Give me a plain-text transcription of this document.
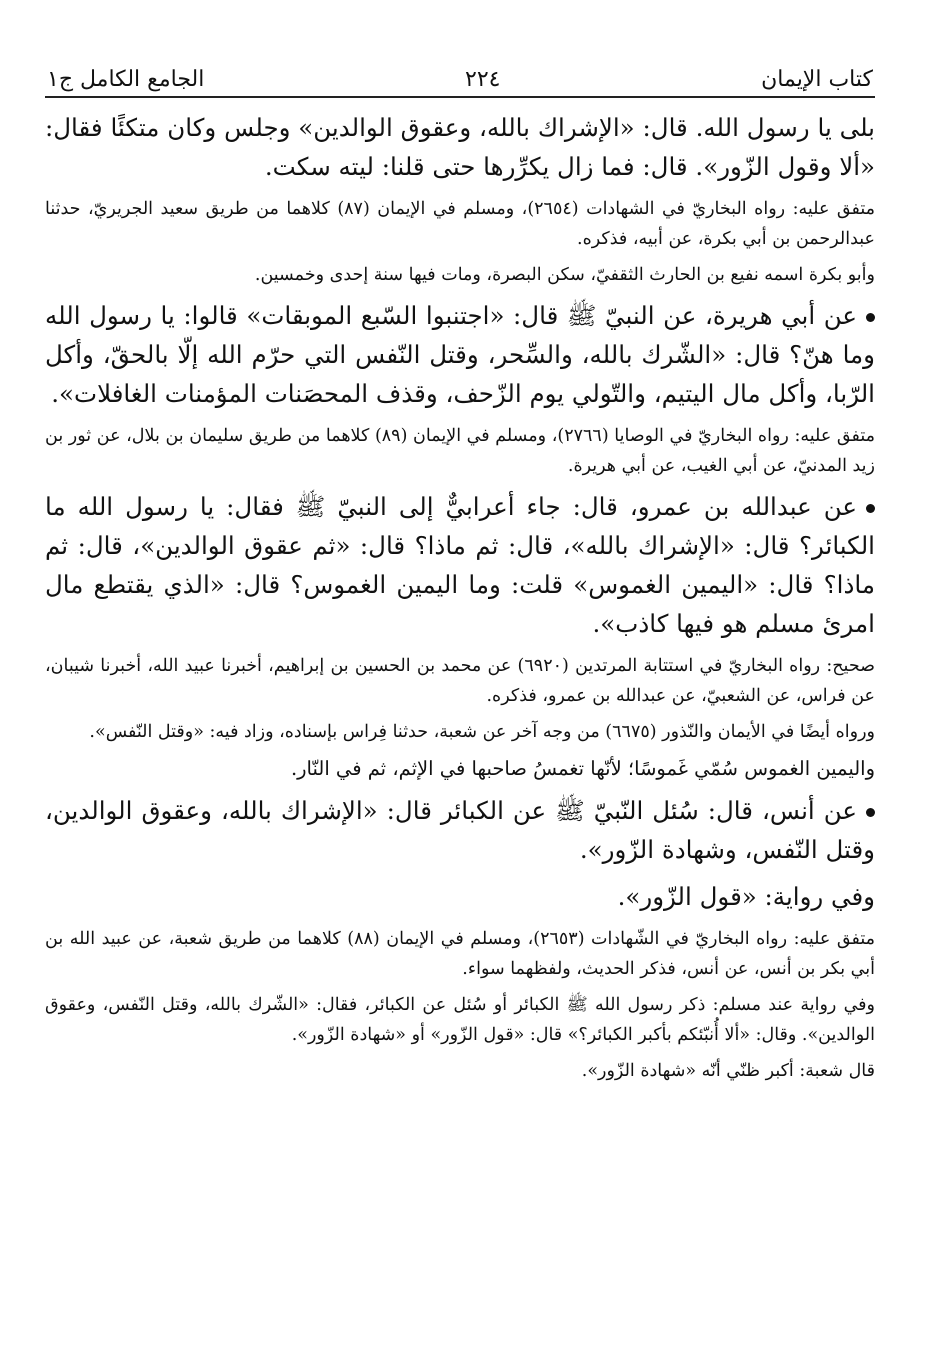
كتاب الإيمان
٢٢٤
الجامع الكامل ج١

بلى يا رسول الله. قال: «الإشراك بالله، وعقوق الوالدين» وجلس وكان متكئًا فقال: «ألا وقول الزّور». قال: فما زال يكرِّرها حتى قلنا: ليته سكت.

متفق عليه: رواه البخاريّ في الشهادات (٢٦٥٤)، ومسلم في الإيمان (٨٧) كلاهما من طريق سعيد الجريريّ، حدثنا عبدالرحمن بن أبي بكرة، عن أبيه، فذكره.

وأبو بكرة اسمه نفيع بن الحارث الثقفيّ، سكن البصرة، ومات فيها سنة إحدى وخمسين.

عن أبي هريرة، عن النبيّ ﷺ قال: «اجتنبوا السّبع الموبقات» قالوا: يا رسول الله وما هنّ؟ قال: «الشّرك بالله، والسِّحر، وقتل النّفس التي حرّم الله إلّا بالحقّ، وأكل الرّبا، وأكل مال اليتيم، والتّولي يوم الزّحف، وقذف المحصَنات المؤمنات الغافلات».

متفق عليه: رواه البخاريّ في الوصايا (٢٧٦٦)، ومسلم في الإيمان (٨٩) كلاهما من طريق سليمان بن بلال، عن ثور بن زيد المدنيّ، عن أبي الغيب، عن أبي هريرة.

عن عبدالله بن عمرو، قال: جاء أعرابيٌّ إلى النبيّ ﷺ فقال: يا رسول الله ما الكبائر؟ قال: «الإشراك بالله»، قال: ثم ماذا؟ قال: «ثم عقوق الوالدين»، قال: ثم ماذا؟ قال: «اليمين الغموس» قلت: وما اليمين الغموس؟ قال: «الذي يقتطع مال امرئ مسلم هو فيها كاذب».

صحيح: رواه البخاريّ في استتابة المرتدين (٦٩٢٠) عن محمد بن الحسين بن إبراهيم، أخبرنا عبيد الله، أخبرنا شيبان، عن فراس، عن الشعبيّ، عن عبدالله بن عمرو، فذكره.

ورواه أيضًا في الأيمان والنّذور (٦٦٧٥) من وجه آخر عن شعبة، حدثنا فِراس بإسناده، وزاد فيه: «وقتل النّفس».

واليمين الغموس سُمّي غَموسًا؛ لأنّها تغمسُ صاحبها في الإثم، ثم في النّار.

عن أنس، قال: سُئل النّبيّ ﷺ عن الكبائر قال: «الإشراك بالله، وعقوق الوالدين، وقتل النّفس، وشهادة الزّور».

وفي رواية: «قول الزّور».

متفق عليه: رواه البخاريّ في الشّهادات (٢٦٥٣)، ومسلم في الإيمان (٨٨) كلاهما من طريق شعبة، عن عبيد الله بن أبي بكر بن أنس، عن أنس، فذكر الحديث، ولفظهما سواء.

وفي رواية عند مسلم: ذكر رسول الله ﷺ الكبائر أو سُئل عن الكبائر، فقال: «الشّرك بالله، وقتل النّفس، وعقوق الوالدين». وقال: «ألا أُنبّئكم بأكبر الكبائر؟» قال: «قول الزّور» أو «شهادة الزّور».

قال شعبة: أكبر ظنّي أنّه «شهادة الزّور».
